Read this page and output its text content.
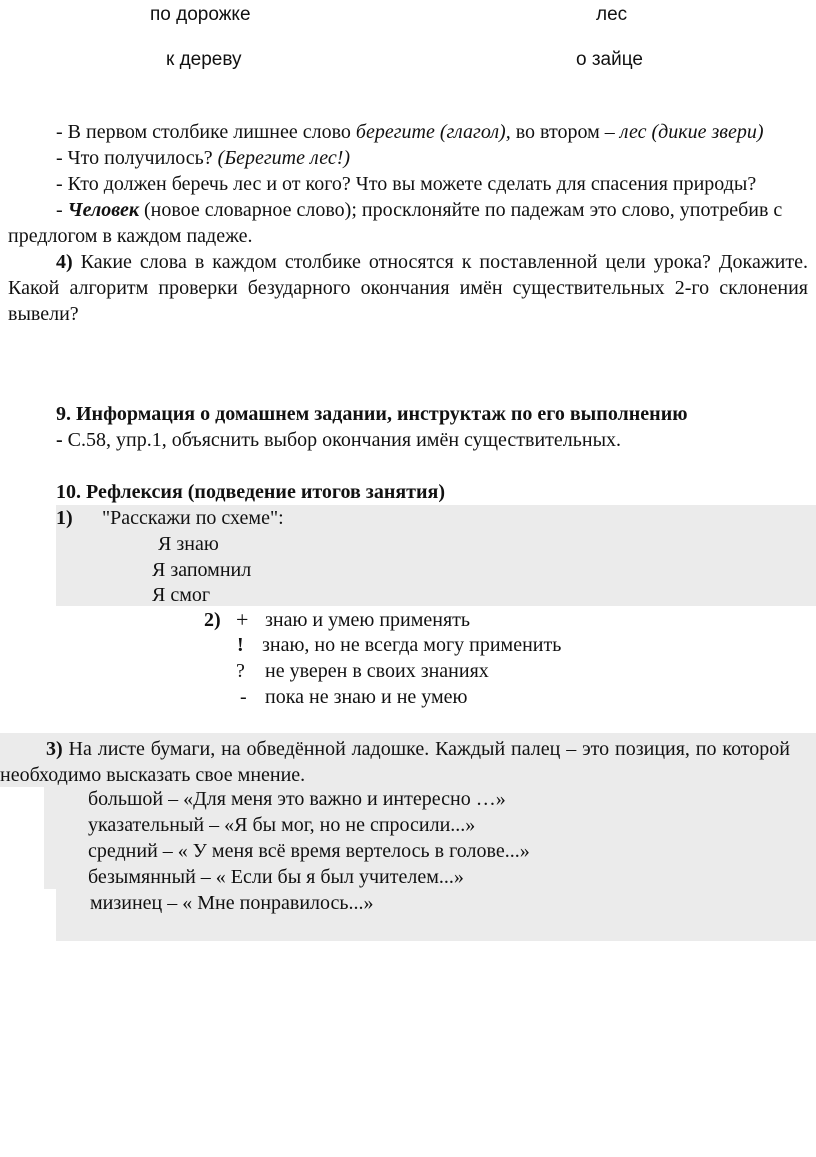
по дорожке	лес
к дереву	о зайце

- В первом столбике лишнее слово берегите (глагол), во втором – лес (дикие звери)

- Что получилось? (Берегите лес!)

- Кто должен беречь лес и от кого? Что вы можете сделать для спасения природы?

- Человек (новое словарное слово); просклоняйте по падежам это слово, употребив с предлогом в каждом падеже.

4) Какие слова в каждом столбике относятся к поставленной цели урока? Докажите. Какой алгоритм проверки безударного окончания имён существительных 2-го склонения вывели?

9. Информация о домашнем задании, инструктаж по его выполнению
- С.58, упр.1, объяснить выбор окончания имён существительных.
10. Рефлексия (подведение итогов занятия)
1) "Расскажи по схеме":
Я знаю
Я запомнил
Я смог
2) + знаю и умею применять
! знаю, но не всегда могу применить
? не уверен в своих знаниях
- пока не знаю и не умею
3) На листе бумаги, на обведённой ладошке. Каждый палец – это позиция, по которой необходимо высказать свое мнение.
большой – «Для меня это важно и интересно …»
указательный – «Я бы мог, но не спросили...»
средний – « У меня всё время вертелось в голове...»
безымянный – « Если бы я был учителем...»
мизинец – « Мне понравилось...»
